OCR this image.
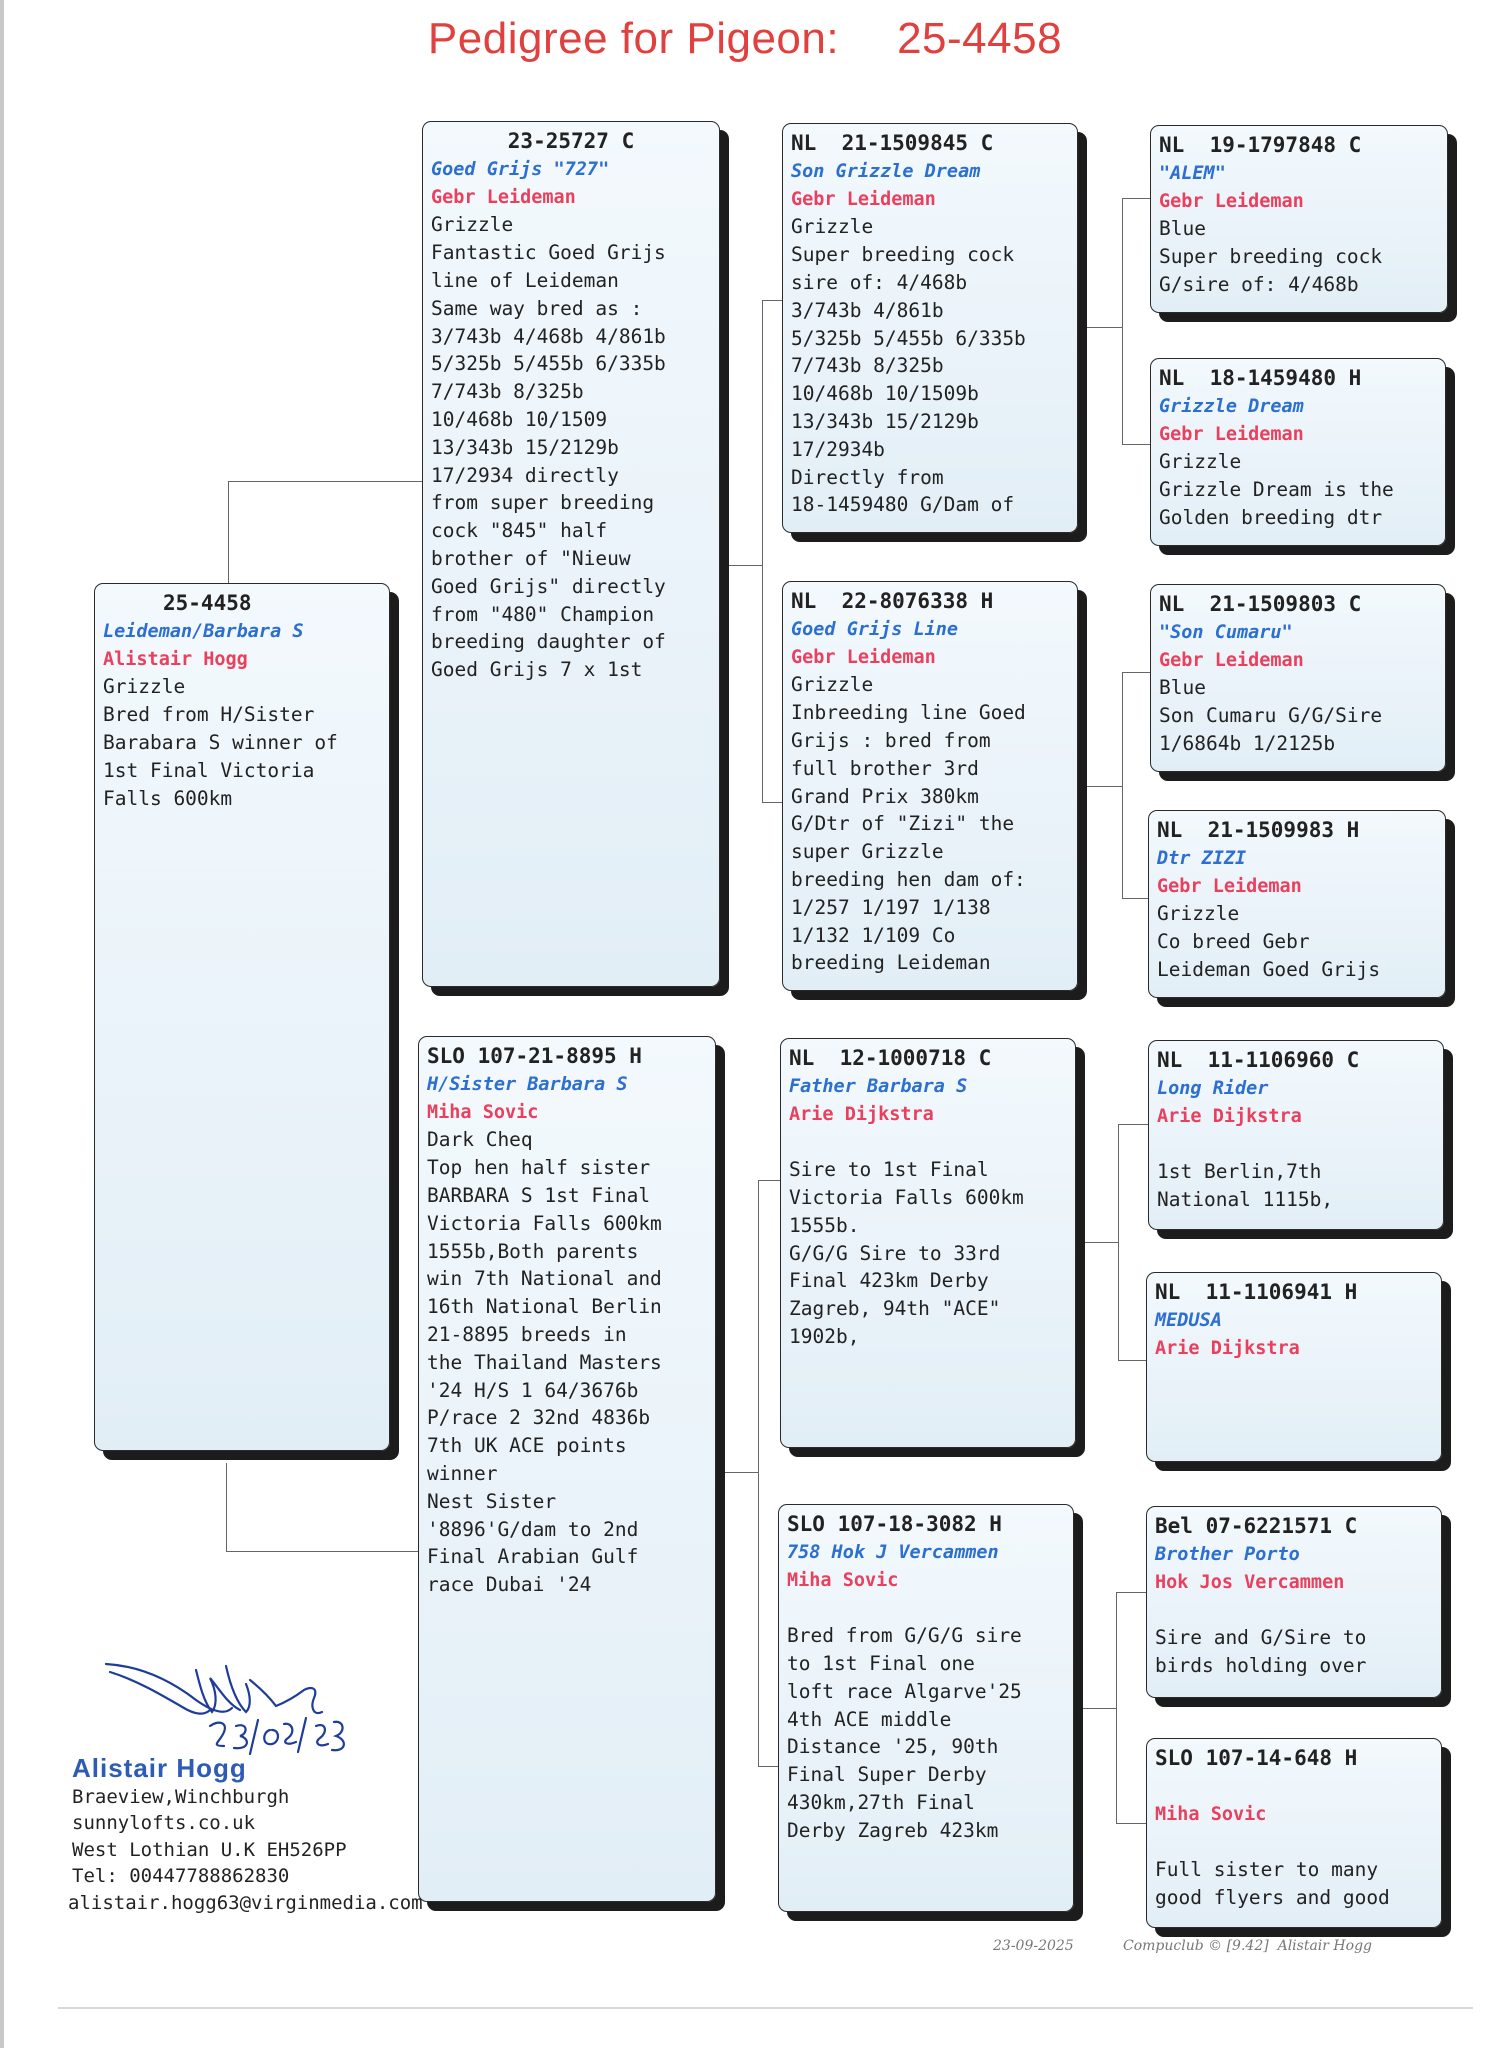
Pedigree for Pigeon: 25-4458
25-4458
Leideman/Barbara S
Alistair Hogg
Grizzle
Bred from H/Sister
Barabara S winner of
1st Final Victoria
Falls 600km
23-25727 C
Goed Grijs "727"
Gebr Leideman
Grizzle
Fantastic Goed Grijs
line of Leideman
Same way bred as :
3/743b 4/468b 4/861b
5/325b 5/455b 6/335b
7/743b 8/325b
10/468b 10/1509
13/343b 15/2129b
17/2934 directly
from super breeding
cock "845" half
brother of "Nieuw
Goed Grijs" directly
from "480" Champion
breeding daughter of
Goed Grijs 7 x 1st
SLO 107-21-8895 H
H/Sister Barbara S
Miha Sovic
Dark Cheq
Top hen half sister
BARBARA S 1st Final
Victoria Falls 600km
1555b,Both parents
win 7th National and
16th National Berlin
21-8895 breeds in
the Thailand Masters
'24 H/S 1 64/3676b
P/race 2 32nd 4836b
7th UK ACE points
winner
Nest Sister
'8896'G/dam to 2nd
Final Arabian Gulf
race Dubai '24
NL  21-1509845 C
Son Grizzle Dream
Gebr Leideman
Grizzle
Super breeding cock
sire of: 4/468b
3/743b 4/861b
5/325b 5/455b 6/335b
7/743b 8/325b
10/468b 10/1509b
13/343b 15/2129b
17/2934b
Directly from
18-1459480 G/Dam of
NL  22-8076338 H
Goed Grijs Line
Gebr Leideman
Grizzle
Inbreeding line Goed
Grijs : bred from
full brother 3rd
Grand Prix 380km
G/Dtr of "Zizi" the
super Grizzle
breeding hen dam of:
1/257 1/197 1/138
1/132 1/109 Co
breeding Leideman
NL  12-1000718 C
Father Barbara S
Arie Dijkstra
Sire to 1st Final
Victoria Falls 600km
1555b.
G/G/G Sire to 33rd
Final 423km Derby
Zagreb, 94th "ACE"
1902b,
SLO 107-18-3082 H
758 Hok J Vercammen
Miha Sovic
Bred from G/G/G sire
to 1st Final one
loft race Algarve'25
4th ACE middle
Distance '25, 90th
Final Super Derby
430km,27th Final
Derby Zagreb 423km
NL  19-1797848 C
"ALEM"
Gebr Leideman
Blue
Super breeding cock
G/sire of: 4/468b
NL  18-1459480 H
Grizzle Dream
Gebr Leideman
Grizzle
Grizzle Dream is the
Golden breeding dtr
NL  21-1509803 C
"Son Cumaru"
Gebr Leideman
Blue
Son Cumaru G/G/Sire
1/6864b 1/2125b
NL  21-1509983 H
Dtr ZIZI
Gebr Leideman
Grizzle
Co breed Gebr
Leideman Goed Grijs
NL  11-1106960 C
Long Rider
Arie Dijkstra
1st Berlin,7th
National 1115b,
NL  11-1106941 H
MEDUSA
Arie Dijkstra
Bel 07-6221571 C
Brother Porto
Hok Jos Vercammen
Sire and G/Sire to
birds holding over
SLO 107-14-648 H
Miha Sovic
Full sister to many
good flyers and good
Alistair Hogg
Braeview,Winchburgh
sunnylofts.co.uk
West Lothian U.K EH526PP
Tel: 00447788862830
alistair.hogg63@virginmedia.com
23-09-2025	Compuclub © [9.42]  Alistair Hogg
